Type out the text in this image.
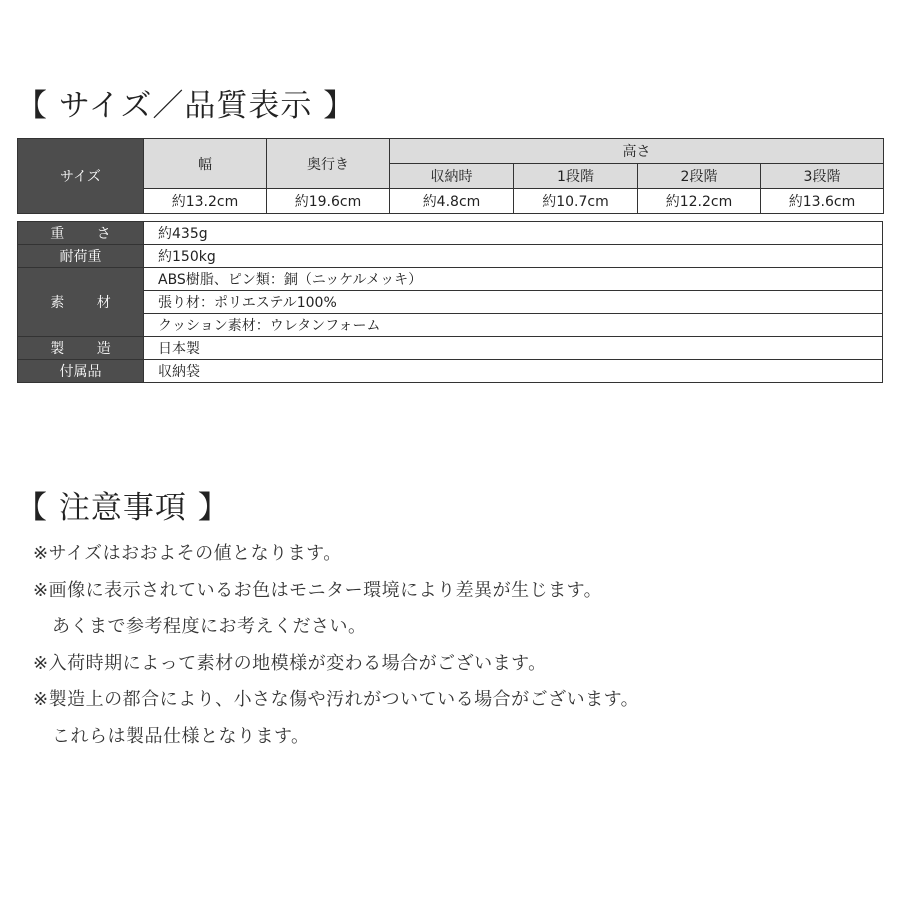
【 サイズ／品質表示 】
サイズ	幅	奥行き	高さ			
			収納時	1段階	2段階	3段階
	約13.2cm	約19.6cm	約4.8cm	約10.7cm	約12.2cm	約13.6cm
重 さ	約435g
耐荷重	約150kg
素 材	ABS樹脂、ピン類：銅（ニッケルメッキ）
	張り材：ポリエステル100%
	クッション素材：ウレタンフォーム
製 造	日本製
付属品	収納袋
【 注意事項 】
※サイズはおおよその値となります。
※画像に表示されているお色はモニター環境により差異が生じます。
あくまで参考程度にお考えください。
※入荷時期によって素材の地模様が変わる場合がございます。
※製造上の都合により、小さな傷や汚れがついている場合がございます。
これらは製品仕様となります。
